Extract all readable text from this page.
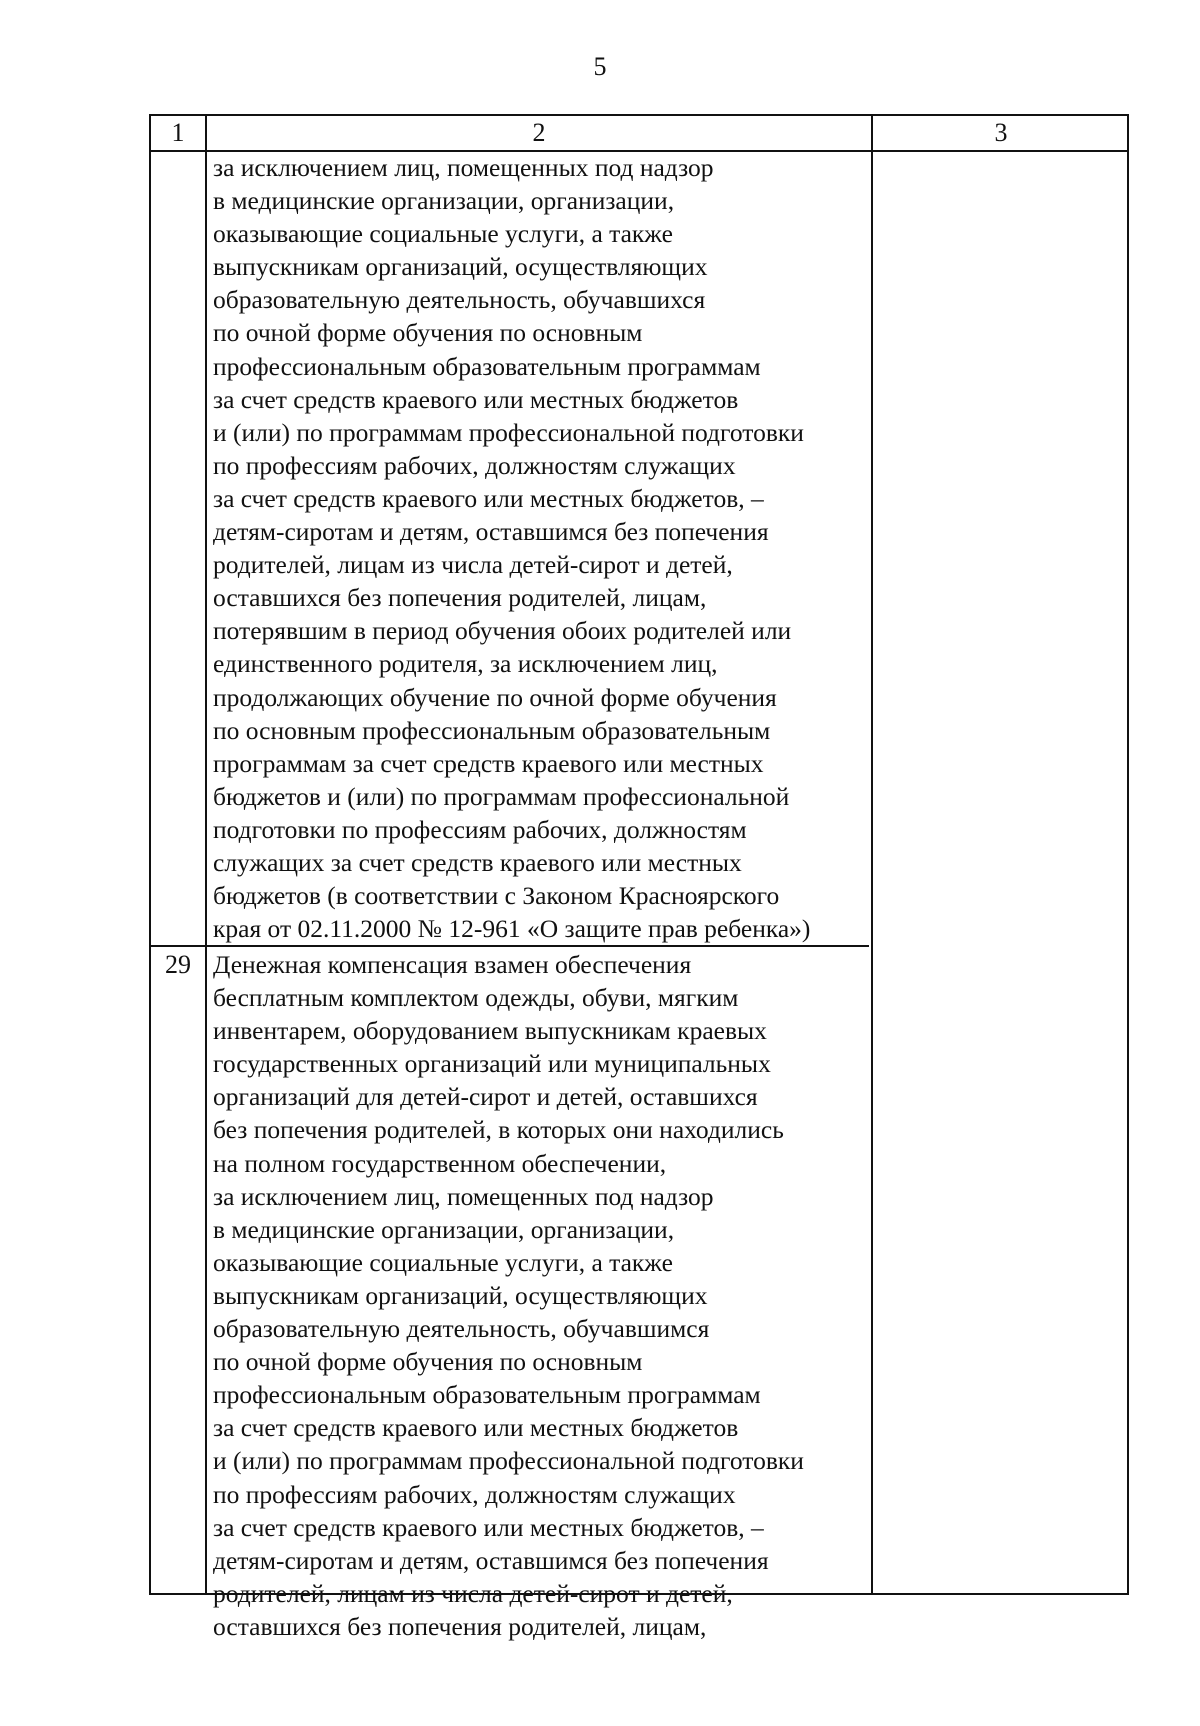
5
1	2	3
за исключением лиц, помещенных под надзор
в медицинские организации, организации,
оказывающие социальные услуги, а также
выпускникам организаций, осуществляющих
образовательную деятельность, обучавшихся
по очной форме обучения по основным
профессиональным образовательным программам
за счет средств краевого или местных бюджетов
и (или) по программам профессиональной подготовки
по профессиям рабочих, должностям служащих
за счет средств краевого или местных бюджетов, –
детям-сиротам и детям, оставшимся без попечения
родителей, лицам из числа детей-сирот и детей,
оставшихся без попечения родителей, лицам,
потерявшим в период обучения обоих родителей или
единственного родителя, за исключением лиц,
продолжающих обучение по очной форме обучения
по основным профессиональным образовательным
программам за счет средств краевого или местных
бюджетов и (или) по программам профессиональной
подготовки по профессиям рабочих, должностям
служащих за счет средств краевого или местных
бюджетов (в соответствии с Законом Красноярского
края от 02.11.2000 № 12-961 «О защите прав ребенка»)
29 Денежная компенсация взамен обеспечения
бесплатным комплектом одежды, обуви, мягким
инвентарем, оборудованием выпускникам краевых
государственных организаций или муниципальных
организаций для детей-сирот и детей, оставшихся
без попечения родителей, в которых они находились
на полном государственном обеспечении,
за исключением лиц, помещенных под надзор
в медицинские организации, организации,
оказывающие социальные услуги, а также
выпускникам организаций, осуществляющих
образовательную деятельность, обучавшимся
по очной форме обучения по основным
профессиональным образовательным программам
за счет средств краевого или местных бюджетов
и (или) по программам профессиональной подготовки
по профессиям рабочих, должностям служащих
за счет средств краевого или местных бюджетов, –
детям-сиротам и детям, оставшимся без попечения
родителей, лицам из числа детей-сирот и детей,
оставшихся без попечения родителей, лицам,
